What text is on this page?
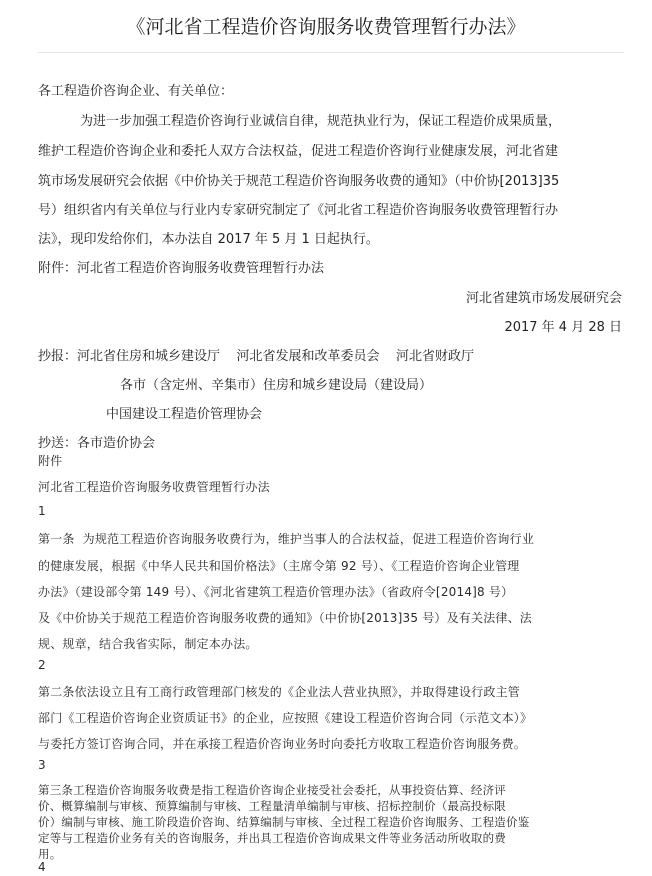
《河北省工程造价咨询服务收费管理暂行办法》
各工程造价咨询企业、有关单位：
为进一步加强工程造价咨询行业诚信自律，规范执业行为，保证工程造价成果质量，
维护工程造价咨询企业和委托人双方合法权益，促进工程造价咨询行业健康发展，河北省建
筑市场发展研究会依据《中价协关于规范工程造价咨询服务收费的通知》（中价协[2013]35
号）组织省内有关单位与行业内专家研究制定了《河北省工程造价咨询服务收费管理暂行办
法》，现印发给你们，本办法自 2017 年 5 月 1 日起执行。
附件：河北省工程造价咨询服务收费管理暂行办法
河北省建筑市场发展研究会
2017 年 4 月 28 日
抄报：河北省住房和城乡建设厅    河北省发展和改革委员会    河北省财政厅
各市（含定州、辛集市）住房和城乡建设局（建设局）
中国建设工程造价管理协会
抄送：各市造价协会
附件
河北省工程造价咨询服务收费管理暂行办法
1
第一条  为规范工程造价咨询服务收费行为，维护当事人的合法权益，促进工程造价咨询行业
的健康发展，根据《中华人民共和国价格法》（主席令第 92 号）、《工程造价咨询企业管理
办法》（建设部令第 149 号）、《河北省建筑工程造价管理办法》（省政府令[2014]8 号）
及《中价协关于规范工程造价咨询服务收费的通知》（中价协[2013]35 号）及有关法律、法
规、规章，结合我省实际，制定本办法。
2
第二条依法设立且有工商行政管理部门核发的《企业法人营业执照》，并取得建设行政主管
部门《工程造价咨询企业资质证书》的企业，应按照《建设工程造价咨询合同（示范文本）》
与委托方签订咨询合同，并在承接工程造价咨询业务时向委托方收取工程造价咨询服务费。
3
第三条工程造价咨询服务收费是指工程造价咨询企业接受社会委托，从事投资估算、经济评
价、概算编制与审核、预算编制与审核、工程量清单编制与审核、招标控制价（最高投标限
价）编制与审核、施工阶段造价咨询、结算编制与审核、全过程工程造价咨询服务、工程造价鉴
定等与工程造价业务有关的咨询服务，并出具工程造价咨询成果文件等业务活动所收取的费
用。
4
